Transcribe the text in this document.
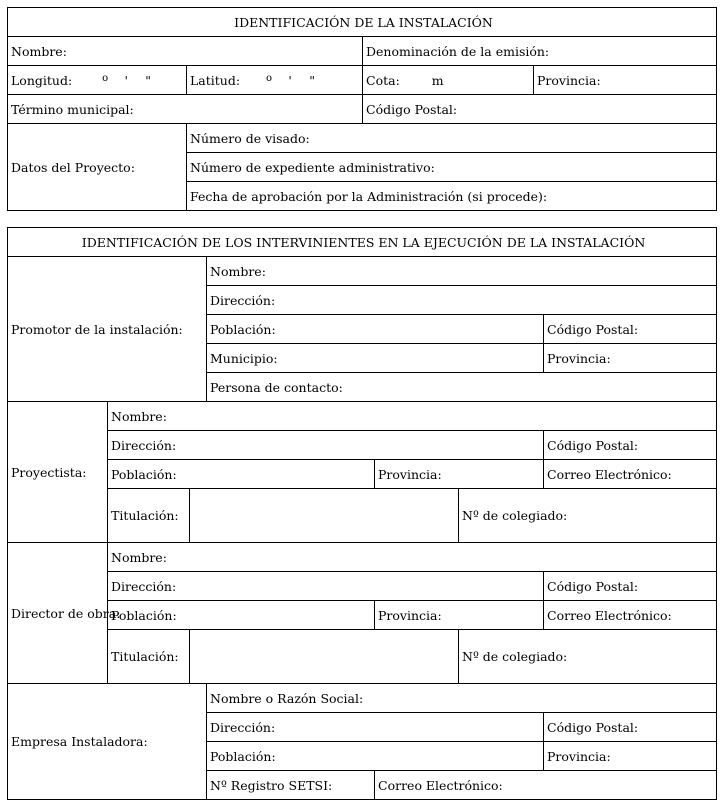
IDENTIFICACIÓN DE LA INSTALACIÓN			
Nombre:		Denominación de la emisión:	
Longitud: o ' "	Latitud: o ' "	Cota: m	Provincia:
Término municipal:		Código Postal:	
Datos del Proyecto:	Número de visado:		
	Número de expediente administrativo:		
	Fecha de aprobación por la Administración (si procede):		
IDENTIFICACIÓN DE LOS INTERVINIENTES EN LA EJECUCIÓN DE LA INSTALACIÓN						
Promotor de la instalación:			Nombre:			
			Dirección:			
			Población:			Código Postal:
			Municipio:			Provincia:
			Persona de contacto:			
Proyectista:	Nombre:					
	Dirección:					Código Postal:
	Población:			Provincia:		Correo Electrónico:
	Titulación:				Nº de colegiado:	
Director de obra:	Nombre:					
	Dirección:					Código Postal:
	Población:			Provincia:		Correo Electrónico:
	Titulación:				Nº de colegiado:	
Empresa Instaladora:			Nombre o Razón Social:			
			Dirección:			Código Postal:
			Población:			Provincia:
			Nº Registro SETSI:	Correo Electrónico:		
